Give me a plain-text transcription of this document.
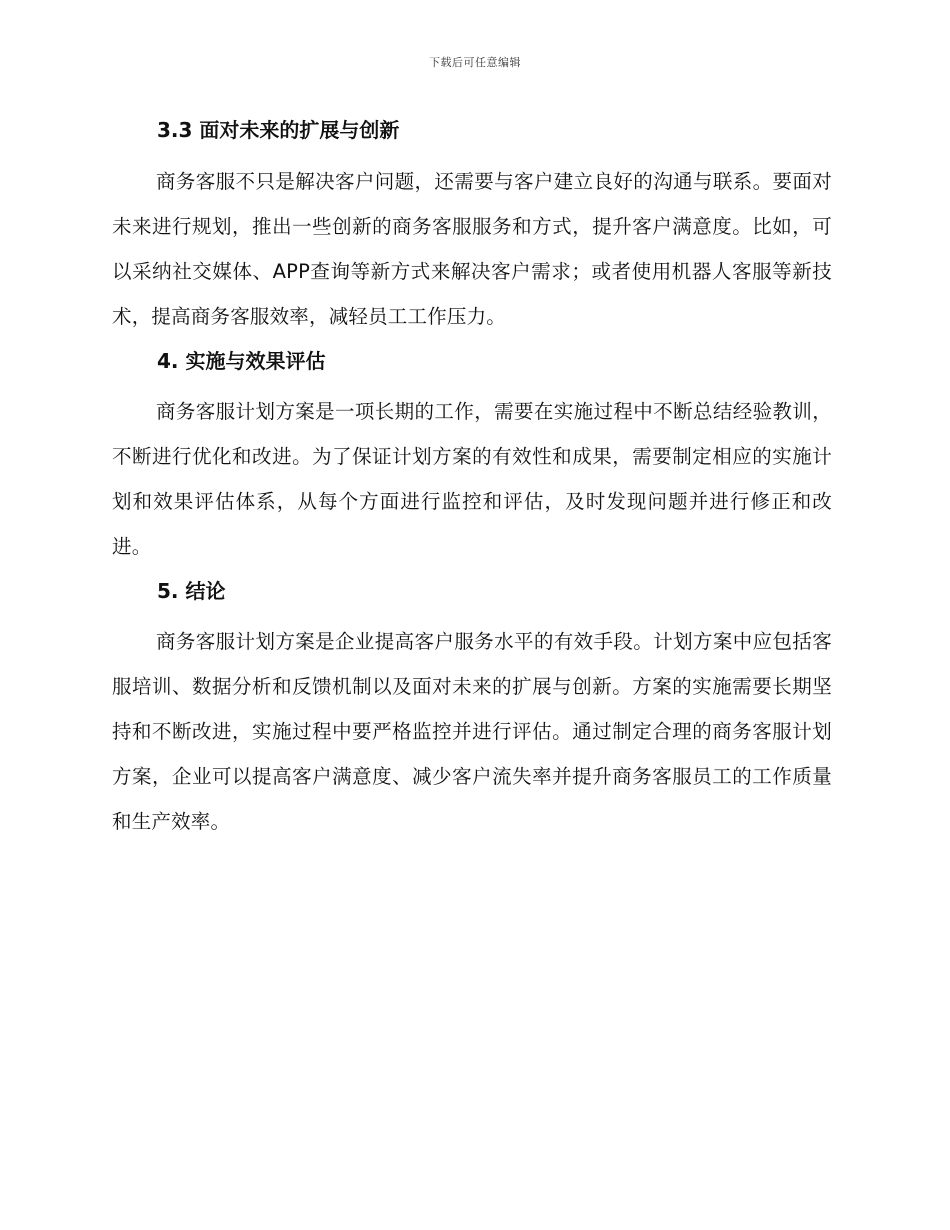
下载后可任意编辑
3.3 面对未来的扩展与创新

商务客服不只是解决客户问题，还需要与客户建立良好的沟通与联系。要面对未来进行规划，推出一些创新的商务客服服务和方式，提升客户满意度。比如，可以采纳社交媒体、APP查询等新方式来解决客户需求；或者使用机器人客服等新技术，提高商务客服效率，减轻员工工作压力。

4. 实施与效果评估

商务客服计划方案是一项长期的工作，需要在实施过程中不断总结经验教训，不断进行优化和改进。为了保证计划方案的有效性和成果，需要制定相应的实施计划和效果评估体系，从每个方面进行监控和评估，及时发现问题并进行修正和改进。

5. 结论

商务客服计划方案是企业提高客户服务水平的有效手段。计划方案中应包括客服培训、数据分析和反馈机制以及面对未来的扩展与创新。方案的实施需要长期坚持和不断改进，实施过程中要严格监控并进行评估。通过制定合理的商务客服计划方案，企业可以提高客户满意度、减少客户流失率并提升商务客服员工的工作质量和生产效率。
